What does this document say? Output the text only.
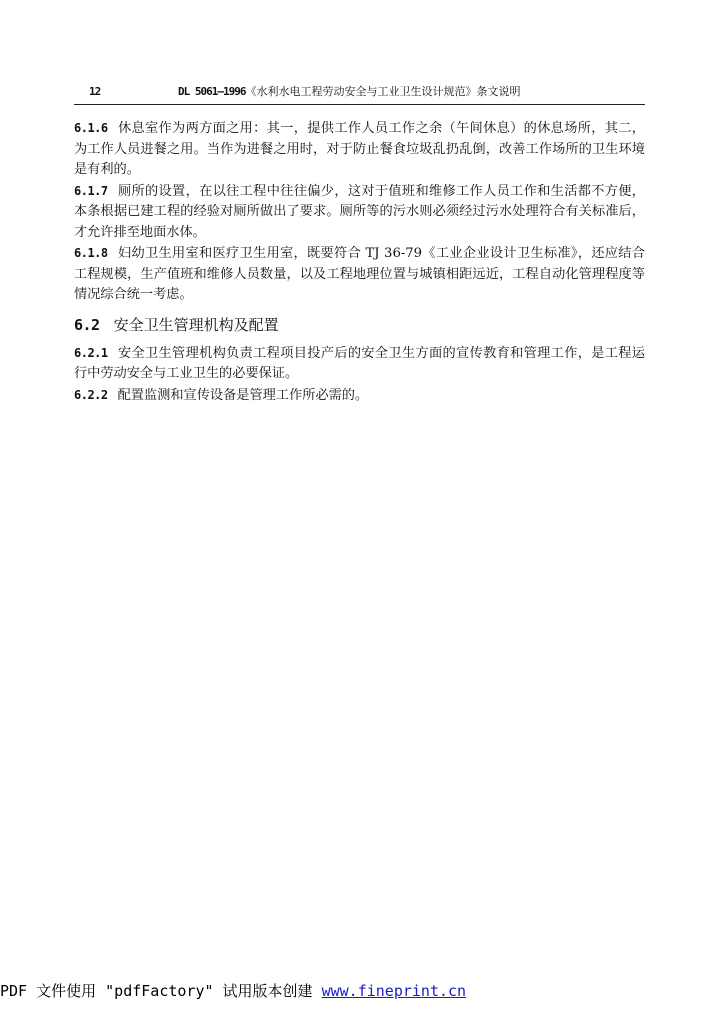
12	DL 5061—1996《水利水电工程劳动安全与工业卫生设计规范》条文说明

6.1.6 休息室作为两方面之用：其一，提供工作人员工作之余（午间休息）的休息场所，其二，为工作人员进餐之用。当作为进餐之用时，对于防止餐食垃圾乱扔乱倒，改善工作场所的卫生环境是有利的。

6.1.7 厕所的设置，在以往工程中往往偏少，这对于值班和维修工作人员工作和生活都不方便，本条根据已建工程的经验对厕所做出了要求。厕所等的污水则必须经过污水处理符合有关标准后，才允许排至地面水体。

6.1.8 妇幼卫生用室和医疗卫生用室，既要符合 TJ 36-79《工业企业设计卫生标准》，还应结合工程规模，生产值班和维修人员数量，以及工程地理位置与城镇相距远近，工程自动化管理程度等情况综合统一考虑。

6.2 安全卫生管理机构及配置

6.2.1 安全卫生管理机构负责工程项目投产后的安全卫生方面的宣传教育和管理工作，是工程运行中劳动安全与工业卫生的必要保证。

6.2.2 配置监测和宣传设备是管理工作所必需的。

PDF 文件使用 "pdfFactory" 试用版本创建 www.fineprint.cn
